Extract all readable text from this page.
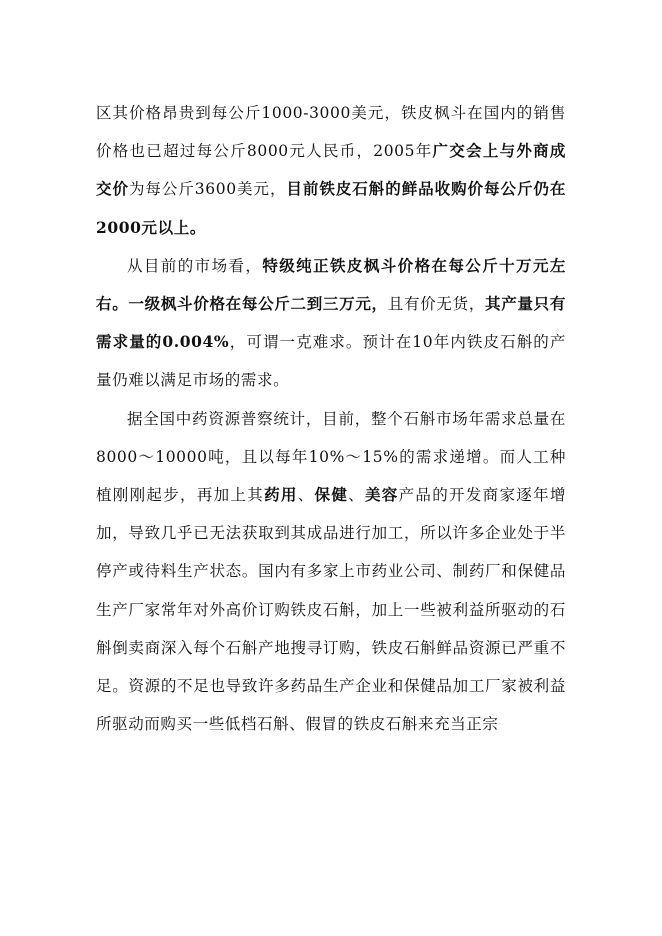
区其价格昂贵到每公斤1000-3000美元，铁皮枫斗在国内的销售价格也已超过每公斤8000元人民币，2005年广交会上与外商成交价为每公斤3600美元，目前铁皮石斛的鲜品收购价每公斤仍在2000元以上。

从目前的市场看，特级纯正铁皮枫斗价格在每公斤十万元左右。一级枫斗价格在每公斤二到三万元，且有价无货，其产量只有需求量的0.004%，可谓一克难求。预计在10年内铁皮石斛的产量仍难以满足市场的需求。

据全国中药资源普察统计，目前，整个石斛市场年需求总量在8000～10000吨，且以每年10%～15%的需求递增。而人工种植刚刚起步，再加上其药用、保健、美容产品的开发商家逐年增加，导致几乎已无法获取到其成品进行加工，所以许多企业处于半停产或待料生产状态。国内有多家上市药业公司、制药厂和保健品生产厂家常年对外高价订购铁皮石斛，加上一些被利益所驱动的石斛倒卖商深入每个石斛产地搜寻订购，铁皮石斛鲜品资源已严重不足。资源的不足也导致许多药品生产企业和保健品加工厂家被利益所驱动而购买一些低档石斛、假冒的铁皮石斛来充当正宗
